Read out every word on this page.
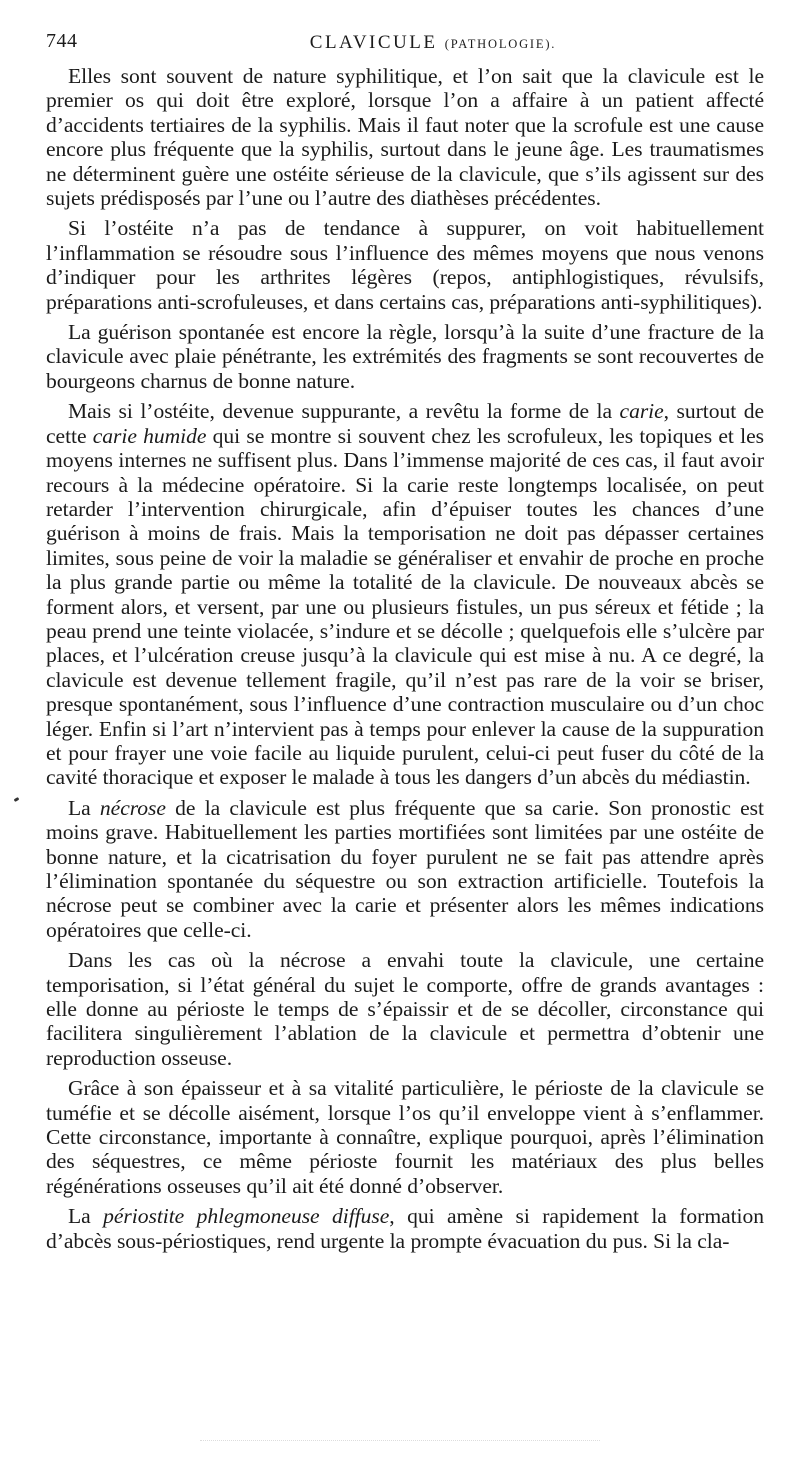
744	CLAVICULE (PATHOLOGIE).

Elles sont souvent de nature syphilitique, et l’on sait que la clavicule est le premier os qui doit être exploré, lorsque l’on a affaire à un patient affecté d’accidents tertiaires de la syphilis. Mais il faut noter que la scrofule est une cause encore plus fréquente que la syphilis, surtout dans le jeune âge. Les traumatismes ne déterminent guère une ostéite sérieuse de la clavicule, que s’ils agissent sur des sujets prédisposés par l’une ou l’autre des diathèses précédentes.

Si l’ostéite n’a pas de tendance à suppurer, on voit habituellement l’inflammation se résoudre sous l’influence des mêmes moyens que nous venons d’indiquer pour les arthrites légères (repos, antiphlogistiques, révulsifs, préparations anti-scrofuleuses, et dans certains cas, préparations anti-syphilitiques).

La guérison spontanée est encore la règle, lorsqu’à la suite d’une fracture de la clavicule avec plaie pénétrante, les extrémités des fragments se sont recouvertes de bourgeons charnus de bonne nature.

Mais si l’ostéite, devenue suppurante, a revêtu la forme de la carie, surtout de cette carie humide qui se montre si souvent chez les scrofuleux, les topiques et les moyens internes ne suffisent plus. Dans l’immense majorité de ces cas, il faut avoir recours à la médecine opératoire. Si la carie reste longtemps localisée, on peut retarder l’intervention chirurgicale, afin d’épuiser toutes les chances d’une guérison à moins de frais. Mais la temporisation ne doit pas dépasser certaines limites, sous peine de voir la maladie se généraliser et envahir de proche en proche la plus grande partie ou même la totalité de la clavicule. De nouveaux abcès se forment alors, et versent, par une ou plusieurs fistules, un pus séreux et fétide ; la peau prend une teinte violacée, s’indure et se décolle ; quelquefois elle s’ulcère par places, et l’ulcération creuse jusqu’à la clavicule qui est mise à nu. A ce degré, la clavicule est devenue tellement fragile, qu’il n’est pas rare de la voir se briser, presque spontanément, sous l’influence d’une contraction musculaire ou d’un choc léger. Enfin si l’art n’intervient pas à temps pour enlever la cause de la suppuration et pour frayer une voie facile au liquide purulent, celui-ci peut fuser du côté de la cavité thoracique et exposer le malade à tous les dangers d’un abcès du médiastin.

La nécrose de la clavicule est plus fréquente que sa carie. Son pronostic est moins grave. Habituellement les parties mortifiées sont limitées par une ostéite de bonne nature, et la cicatrisation du foyer purulent ne se fait pas attendre après l’élimination spontanée du séquestre ou son extraction artificielle. Toutefois la nécrose peut se combiner avec la carie et présenter alors les mêmes indications opératoires que celle-ci.

Dans les cas où la nécrose a envahi toute la clavicule, une certaine temporisation, si l’état général du sujet le comporte, offre de grands avantages : elle donne au périoste le temps de s’épaissir et de se décoller, circonstance qui facilitera singulièrement l’ablation de la clavicule et permettra d’obtenir une reproduction osseuse.

Grâce à son épaisseur et à sa vitalité particulière, le périoste de la clavicule se tuméfie et se décolle aisément, lorsque l’os qu’il enveloppe vient à s’enflammer. Cette circonstance, importante à connaître, explique pourquoi, après l’élimination des séquestres, ce même périoste fournit les matériaux des plus belles régénérations osseuses qu’il ait été donné d’observer.

La périostite phlegmoneuse diffuse, qui amène si rapidement la formation d’abcès sous-périostiques, rend urgente la prompte évacuation du pus. Si la cla-
